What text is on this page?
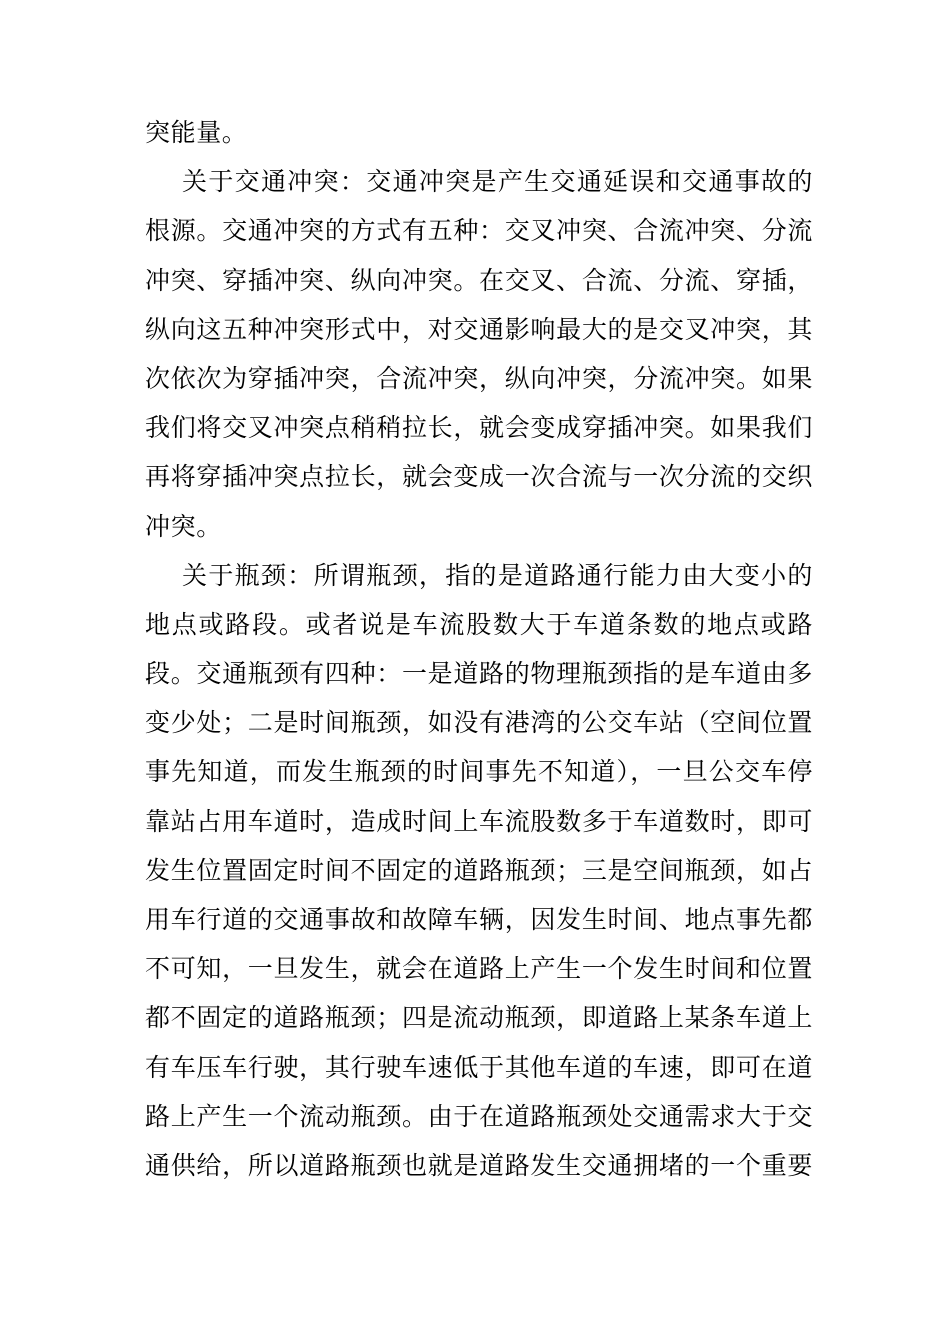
突能量。
关于交通冲突：交通冲突是产生交通延误和交通事故的
根源。交通冲突的方式有五种：交叉冲突、合流冲突、分流
冲突、穿插冲突、纵向冲突。在交叉、合流、分流、穿插，
纵向这五种冲突形式中，对交通影响最大的是交叉冲突，其
次依次为穿插冲突，合流冲突，纵向冲突，分流冲突。如果
我们将交叉冲突点稍稍拉长，就会变成穿插冲突。如果我们
再将穿插冲突点拉长，就会变成一次合流与一次分流的交织
冲突。
关于瓶颈：所谓瓶颈，指的是道路通行能力由大变小的
地点或路段。或者说是车流股数大于车道条数的地点或路
段。交通瓶颈有四种：一是道路的物理瓶颈指的是车道由多
变少处；二是时间瓶颈，如没有港湾的公交车站（空间位置
事先知道，而发生瓶颈的时间事先不知道），一旦公交车停
靠站占用车道时，造成时间上车流股数多于车道数时，即可
发生位置固定时间不固定的道路瓶颈；三是空间瓶颈，如占
用车行道的交通事故和故障车辆，因发生时间、地点事先都
不可知，一旦发生，就会在道路上产生一个发生时间和位置
都不固定的道路瓶颈；四是流动瓶颈，即道路上某条车道上
有车压车行驶，其行驶车速低于其他车道的车速，即可在道
路上产生一个流动瓶颈。由于在道路瓶颈处交通需求大于交
通供给，所以道路瓶颈也就是道路发生交通拥堵的一个重要
